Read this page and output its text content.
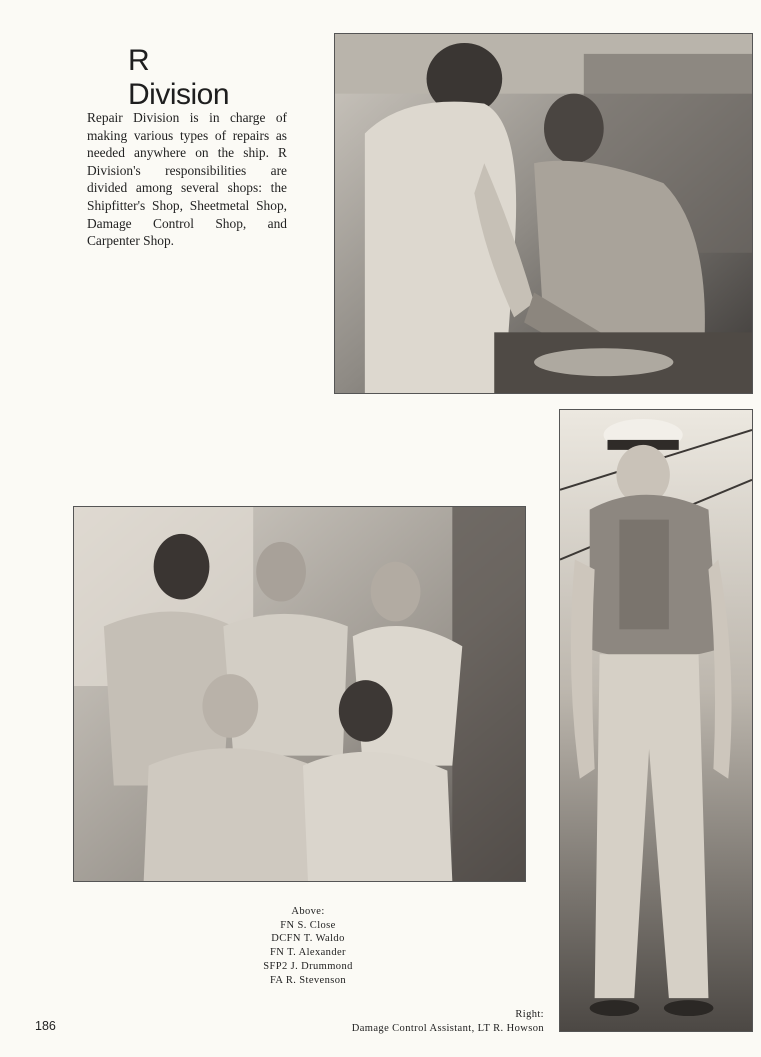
R Division

Repair Division is in charge of making various types of repairs as needed anywhere on the ship. R Division's responsibilities are divided among several shops: the Shipfitter's Shop, Sheetmetal Shop, Damage Control Shop, and Carpenter Shop.

Above:
FN S. Close
DCFN T. Waldo
FN T. Alexander
SFP2 J. Drummond
FA R. Stevenson
Right:
Damage Control Assistant, LT R. Howson
186
